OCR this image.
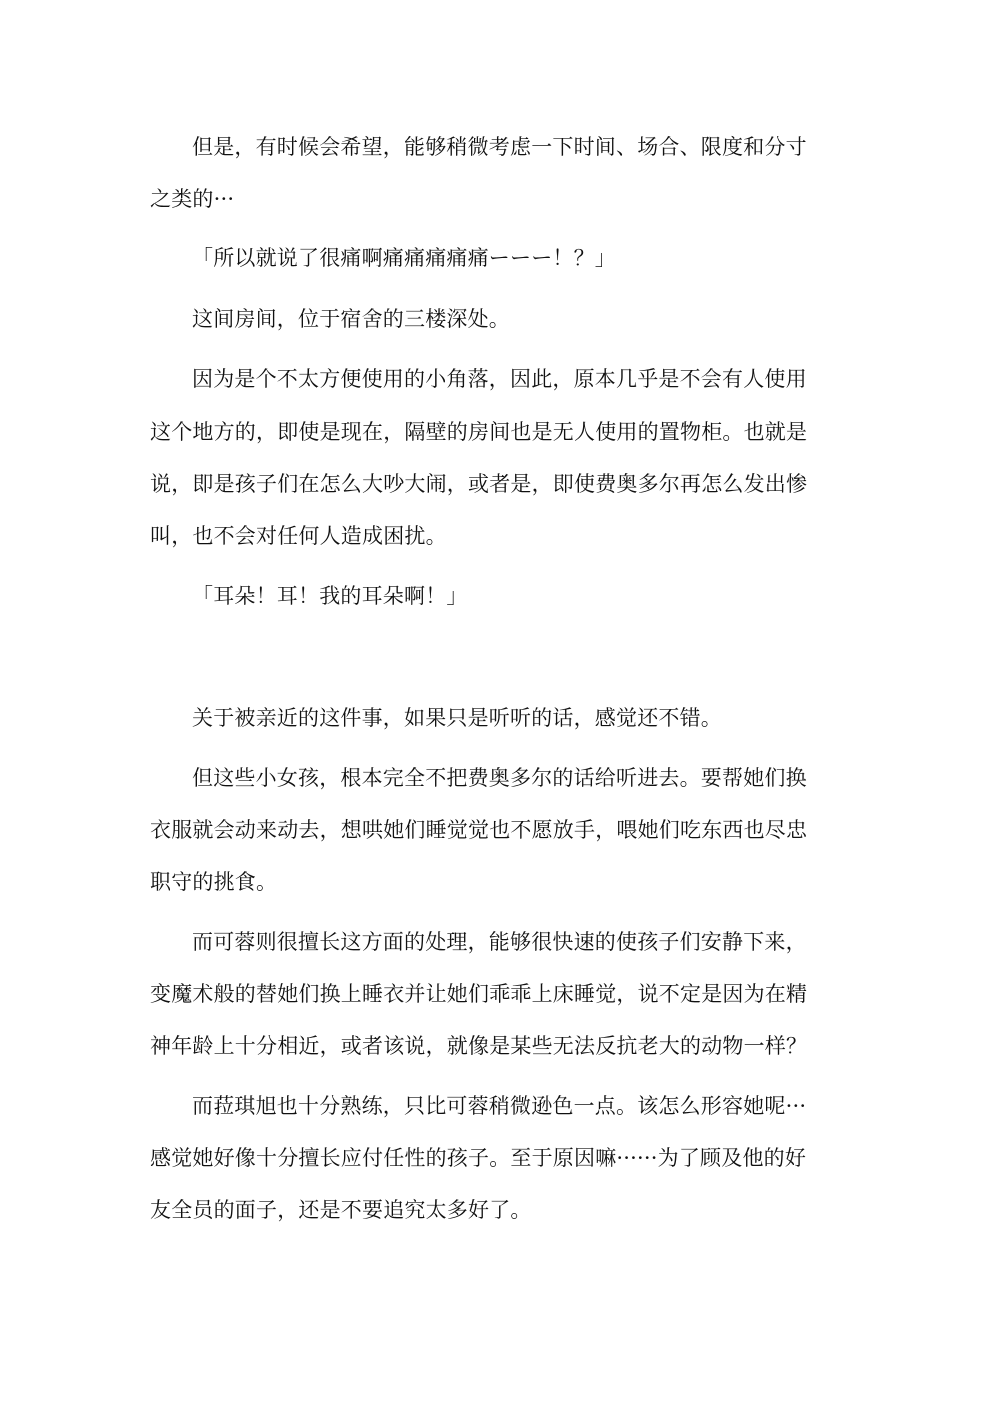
但是，有时候会希望，能够稍微考虑一下时间、场合、限度和分寸
之类的···
「所以就说了很痛啊痛痛痛痛痛ーーー！？」
这间房间，位于宿舍的三楼深处。
因为是个不太方便使用的小角落，因此，原本几乎是不会有人使用
这个地方的，即使是现在，隔壁的房间也是无人使用的置物柜。也就是
说，即是孩子们在怎么大吵大闹，或者是，即使费奥多尔再怎么发出惨
叫，也不会对任何人造成困扰。
「耳朵！耳！我的耳朵啊！」
关于被亲近的这件事，如果只是听听的话，感觉还不错。
但这些小女孩，根本完全不把费奥多尔的话给听进去。要帮她们换
衣服就会动来动去，想哄她们睡觉觉也不愿放手，喂她们吃东西也尽忠
职守的挑食。
而可蓉则很擅长这方面的处理，能够很快速的使孩子们安静下来，
变魔术般的替她们换上睡衣并让她们乖乖上床睡觉，说不定是因为在精
神年龄上十分相近，或者该说，就像是某些无法反抗老大的动物一样？
而菈琪旭也十分熟练，只比可蓉稍微逊色一点。该怎么形容她呢···
感觉她好像十分擅长应付任性的孩子。至于原因嘛······为了顾及他的好
友全员的面子，还是不要追究太多好了。
